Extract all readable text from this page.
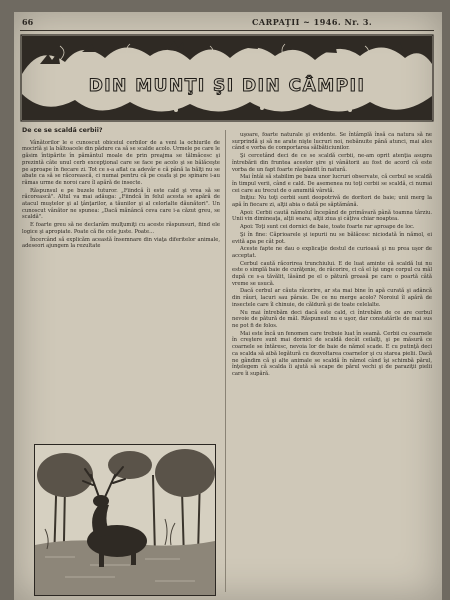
66	CARPAŢII ~ 1946. Nr. 3.
DIN MUNŢI ŞI DIN CÂMPII
De ce se scaldă cerbii?

Vânătorilor le e cunoscut obiceiul cerbilor de a veni la ochiurile de mocirlă şi la băltoacele din pădure ca să se scalde acolo. Urmele pe care le găsim întipărite în pământul moale de prin preajma se tălmăcesc şi prezintă câte unul cerb excepţional care se face pe acolo şi se bălăceşte pe aproape în fiecare zi. Tot ce s-a aflat ca adevăr e că până la bălţi nu se abate ca să se răcorească, ci numai pentru că pe ceafa şi pe spinare i-au rămas urme de noroi care îl apără de insecte.

Răspunsul e pe buzele tuturor. „Fiindcă îi este cald şi vrea să se răcorească". Altul va mai adăuga: „Fiindcă în felul acesta se apără de atacul muştelor şi al ţânţarilor, a tăunilor şi al celorlalte dăunători". Un cunoscut vânător ne spunea: „Dacă mănâncă ceva care i-a căzut greu, se scaldă".

E foarte greu să ne declarăm mulţumiţi cu aceste răspunsuri, fiind ele logice şi apropiate. Poate că fie cele juste. Poate...

Încercând să explicăm această însemnare din viaţa diferitelor animale, adeseori ajungem la rezultate

uşoare, foarte naturale şi evidente. Se întâmplă însă ca natura să ne surprindă şi să ne arate nişte lucruri noi, nebănuite până atunci, mai ales când e vorba de comportarea sălbăticiunilor.

Şi cercetând deci de ce se scaldă cerbii, ne-am oprit atenţia asupra întrebării din fruntea acestor şire şi vânătorii au fost de acord că este vorba de un fapt foarte răspândit în natură.

Mai întâi să stabilim pe baza unor lucruri observate, că cerbul se scaldă în timpul verii, când e cald. De asemenea nu toţi cerbii se scaldă, ci numai cei care au trecut de o anumită vârstă.

Iniţiu: Nu toţi cerbii sunt deopotrivă de doritori de baie; unii merg la apă în fiecare zi, alţii abia o dată pe săptămână.

Apoi: Cerbii caută nămolul începând de primăvară până toamna târziu. Unii vin dimineaţa, alţii seara, alţii ziua şi câţiva chiar noaptea.

Apoi: Toţi sunt cei dornici de baie, toate foarte rar aproape de loc.

Şi în fine: Căprioarele şi iepurii nu se bălăcesc niciodată în nămol, ei evită apa pe cât pot.

Aceste fapte ne dau o explicaţie destul de curioasă şi nu prea uşor de acceptat.

Cerbul caută răcorirea trunchiului. E de luat aminte că scaldă lui nu este o simplă baie de curăţenie, de răcorire, ci că el îşi unge corpul cu mâl după ce s-a tăvălit, lăsând pe el o pătură groasă pe care o poartă câtă vreme se usucă.

Dacă cerbul ar căuta răcorire, ar sta mai bine în apă curată şi adâncă din râuri, lacuri sau pâraie. De ce nu merge acolo? Noroiul îl apără de insectele care îl chinuie, de căldură şi de toate celelalte.

Nu mai întrebăm deci dacă este cald, ci întrebăm de ce are cerbul nevoie de pătură de mâl. Răspunsul nu e uşor, dar constatările de mai sus ne pot fi de folos.

Mai este încă un fenomen care trebuie luat în seamă. Cerbii cu coarnele în creştere sunt mai dornici de scaldă decât ceilalţi, şi pe măsură ce coarnele se întăresc, nevoia lor de baie de nămol scade. E cu putinţă deci ca scalda să aibă legătură cu dezvoltarea coarnelor şi cu starea pielii. Dacă ne gândim că şi alte animale se scaldă în nămol când îşi schimbă părul, înţelegem că scalda îi ajută să scape de părul vechi şi de paraziţii pielii care îi supără.
